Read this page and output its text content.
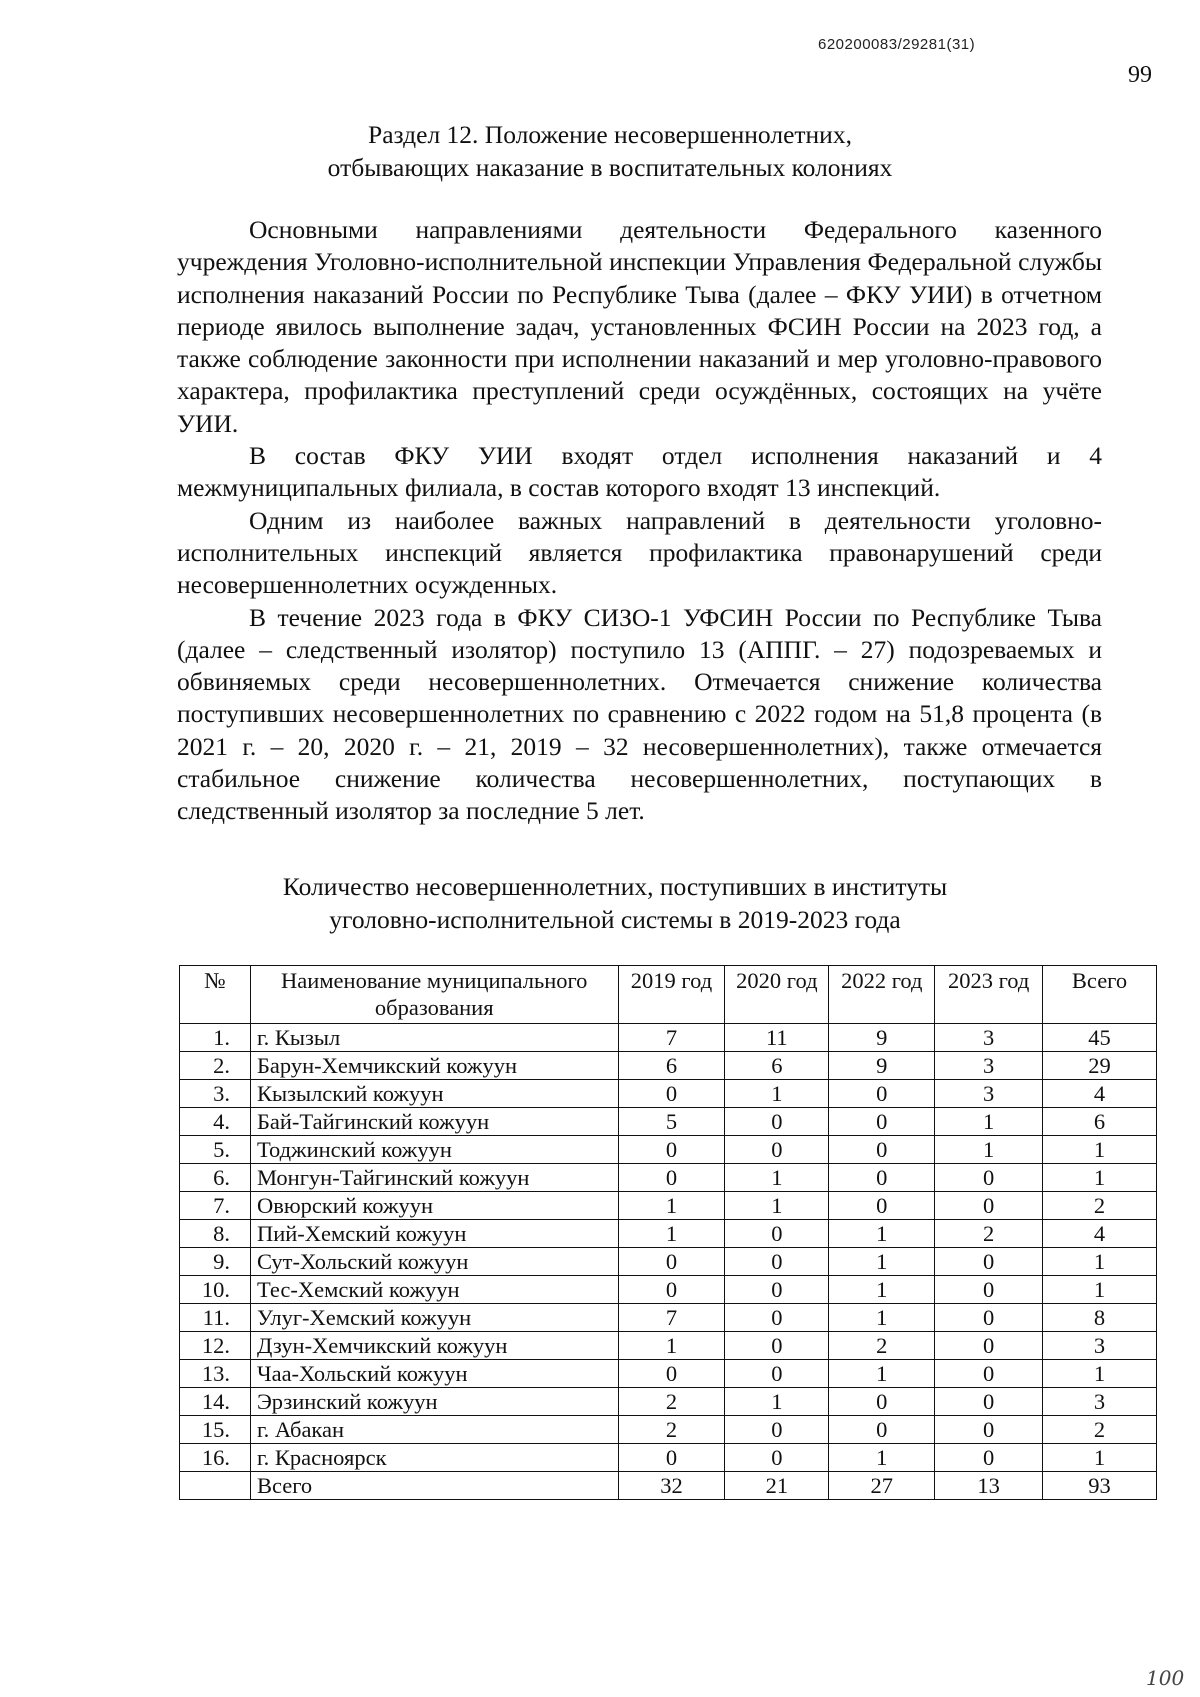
620200083/29281(31)
99
Раздел 12. Положение несовершеннолетних,
отбывающих наказание в воспитательных колониях

Основными направлениями деятельности Федерального казенного учреждения Уголовно-исполнительной инспекции Управления Федеральной службы исполнения наказаний России по Республике Тыва (далее – ФКУ УИИ) в отчетном периоде явилось выполнение задач, установленных ФСИН России на 2023 год, а также соблюдение законности при исполнении наказаний и мер уголовно-правового характера, профилактика преступлений среди осуждённых, состоящих на учёте УИИ.

В состав ФКУ УИИ входят отдел исполнения наказаний и 4 межмуниципальных филиала, в состав которого входят 13 инспекций.

Одним из наиболее важных направлений в деятельности уголовно-исполнительных инспекций является профилактика правонарушений среди несовершеннолетних осужденных.

В течение 2023 года в ФКУ СИЗО-1 УФСИН России по Республике Тыва (далее – следственный изолятор) поступило 13 (АППГ. – 27) подозреваемых и обвиняемых среди несовершеннолетних. Отмечается снижение количества поступивших несовершеннолетних по сравнению с 2022 годом на 51,8 процента (в 2021 г. – 20, 2020 г. – 21, 2019 – 32 несовершеннолетних), также отмечается стабильное снижение количества несовершеннолетних, поступающих в следственный изолятор за последние 5 лет.

Количество несовершеннолетних, поступивших в институты
уголовно-исполнительной системы в 2019-2023 года
№	Наименование муниципального образования	2019 год	2020 год	2022 год	2023 год	Всего
1.	г. Кызыл	7	11	9	3	45
2.	Барун-Хемчикский кожуун	6	6	9	3	29
3.	Кызылский кожуун	0	1	0	3	4
4.	Бай-Тайгинский кожуун	5	0	0	1	6
5.	Тоджинский кожуун	0	0	0	1	1
6.	Монгун-Тайгинский кожуун	0	1	0	0	1
7.	Овюрский кожуун	1	1	0	0	2
8.	Пий-Хемский кожуун	1	0	1	2	4
9.	Сут-Хольский кожуун	0	0	1	0	1
10.	Тес-Хемский кожуун	0	0	1	0	1
11.	Улуг-Хемский кожуун	7	0	1	0	8
12.	Дзун-Хемчикский кожуун	1	0	2	0	3
13.	Чаа-Хольский кожуун	0	0	1	0	1
14.	Эрзинский кожуун	2	1	0	0	3
15.	г. Абакан	2	0	0	0	2
16.	г. Красноярск	0	0	1	0	1
	Всего	32	21	27	13	93
100
